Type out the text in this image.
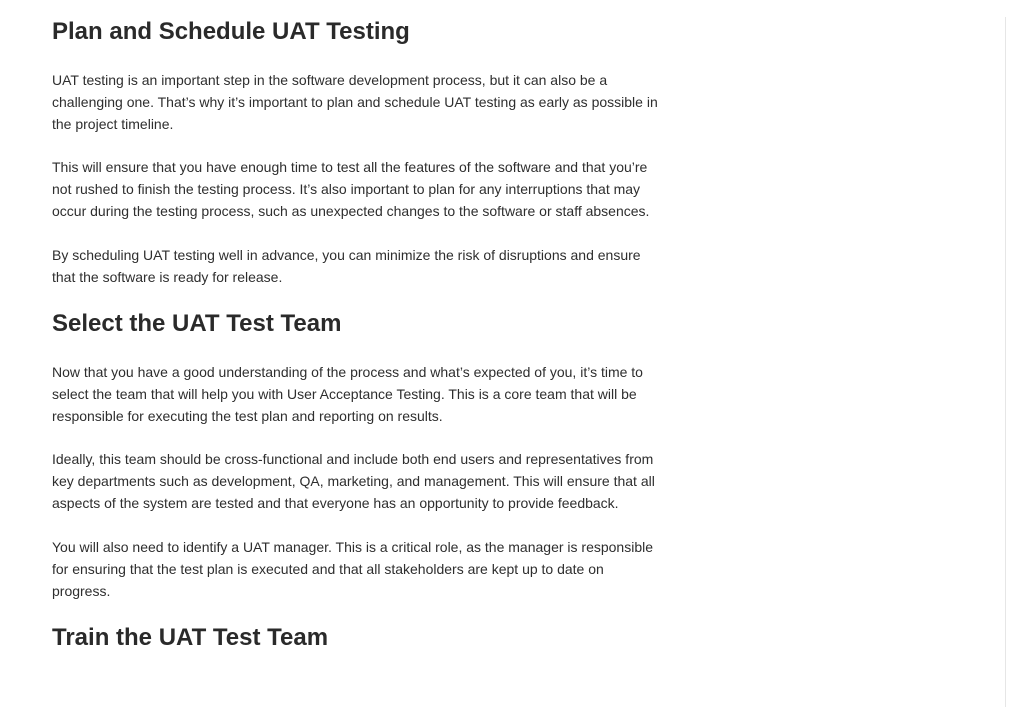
Plan and Schedule UAT Testing

UAT testing is an important step in the software development process, but it can also be a challenging one. That’s why it’s important to plan and schedule UAT testing as early as possible in the project timeline.

This will ensure that you have enough time to test all the features of the software and that you’re not rushed to finish the testing process. It’s also important to plan for any interruptions that may occur during the testing process, such as unexpected changes to the software or staff absences.

By scheduling UAT testing well in advance, you can minimize the risk of disruptions and ensure that the software is ready for release.

Select the UAT Test Team

Now that you have a good understanding of the process and what’s expected of you, it’s time to select the team that will help you with User Acceptance Testing. This is a core team that will be responsible for executing the test plan and reporting on results.

Ideally, this team should be cross-functional and include both end users and representatives from key departments such as development, QA, marketing, and management. This will ensure that all aspects of the system are tested and that everyone has an opportunity to provide feedback.

You will also need to identify a UAT manager. This is a critical role, as the manager is responsible for ensuring that the test plan is executed and that all stakeholders are kept up to date on progress.

Train the UAT Test Team
